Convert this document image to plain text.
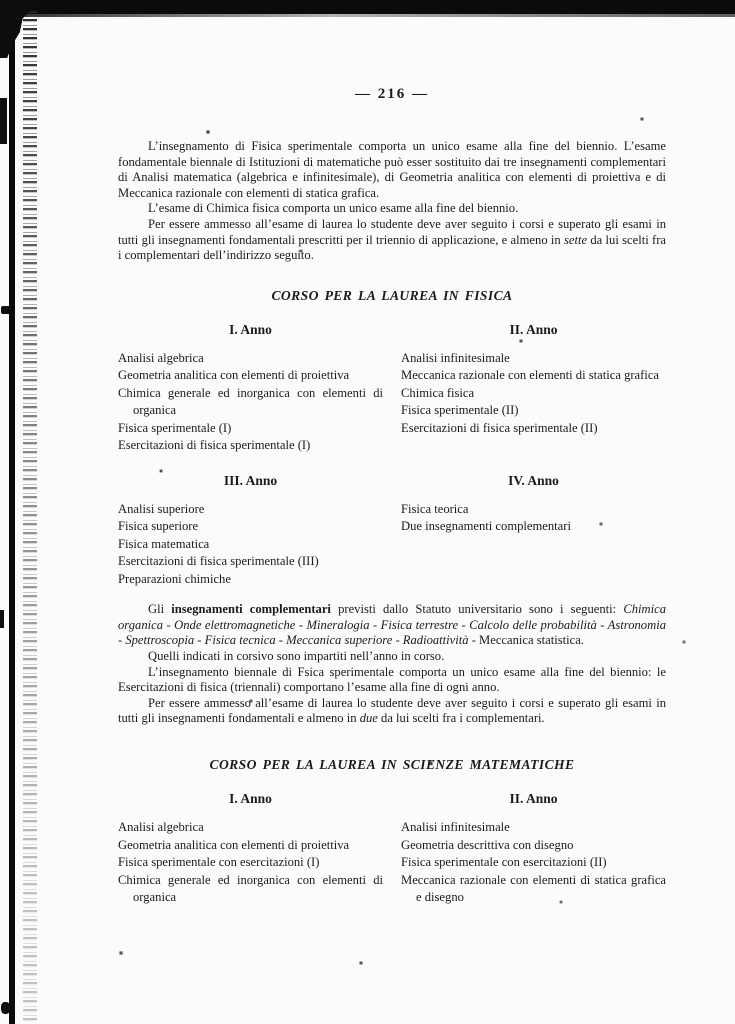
— 216 —
L’insegnamento di Fisica sperimentale comporta un unico esame alla fine del biennio. L’esame fondamentale biennale di Istituzioni di matematiche può esser sostituito dai tre insegnamenti complementari di Analisi matematica (algebrica e infinitesimale), di Geometria analitica con elementi di proiettiva e di Meccanica razionale con elementi di statica grafica.
L’esame di Chimica fisica comporta un unico esame alla fine del biennio.
Per essere ammesso all’esame di laurea lo studente deve aver seguito i corsi e superato gli esami in tutti gli insegnamenti fondamentali prescritti per il triennio di applicazione, e almeno in sette da lui scelti fra i complementari dell’indirizzo seguito.
CORSO PER LA LAUREA IN FISICA
I. Anno
Analisi algebrica
Geometria analitica con elementi di proiettiva
Chimica generale ed inorganica con elementi di organica
Fisica sperimentale (I)
Esercitazioni di fisica sperimentale (I)
II. Anno
Analisi infinitesimale
Meccanica razionale con elementi di statica grafica
Chimica fisica
Fisica sperimentale (II)
Esercitazioni di fisica sperimentale (II)
III. Anno
Analisi superiore
Fisica superiore
Fisica matematica
Esercitazioni di fisica sperimentale (III)
Preparazioni chimiche
IV. Anno
Fisica teorica
Due insegnamenti complementari
Gli insegnamenti complementari previsti dallo Statuto universitario sono i seguenti: Chimica organica - Onde elettromagnetiche - Mineralogia - Fisica terrestre - Calcolo delle probabilità - Astronomia - Spettroscopia - Fisica tecnica - Meccanica superiore - Radioattività - Meccanica statistica.
Quelli indicati in corsivo sono impartiti nell’anno in corso.
L’insegnamento biennale di Fsica sperimentale comporta un unico esame alla fine del biennio: le Esercitazioni di fisica (triennali) comportano l’esame alla fine di ogni anno.
Per essere ammesso all’esame di laurea lo studente deve aver seguito i corsi e superato gli esami in tutti gli insegnamenti fondamentali e almeno in due da lui scelti fra i complementari.
CORSO PER LA LAUREA IN SCIENZE MATEMATICHE
I. Anno
Analisi algebrica
Geometria analitica con elementi di proiettiva
Fisica sperimentale con esercitazioni (I)
Chimica generale ed inorganica con elementi di organica
II. Anno
Analisi infinitesimale
Geometria descrittiva con disegno
Fisica sperimentale con esercitazioni (II)
Meccanica razionale con elementi di statica grafica e disegno
